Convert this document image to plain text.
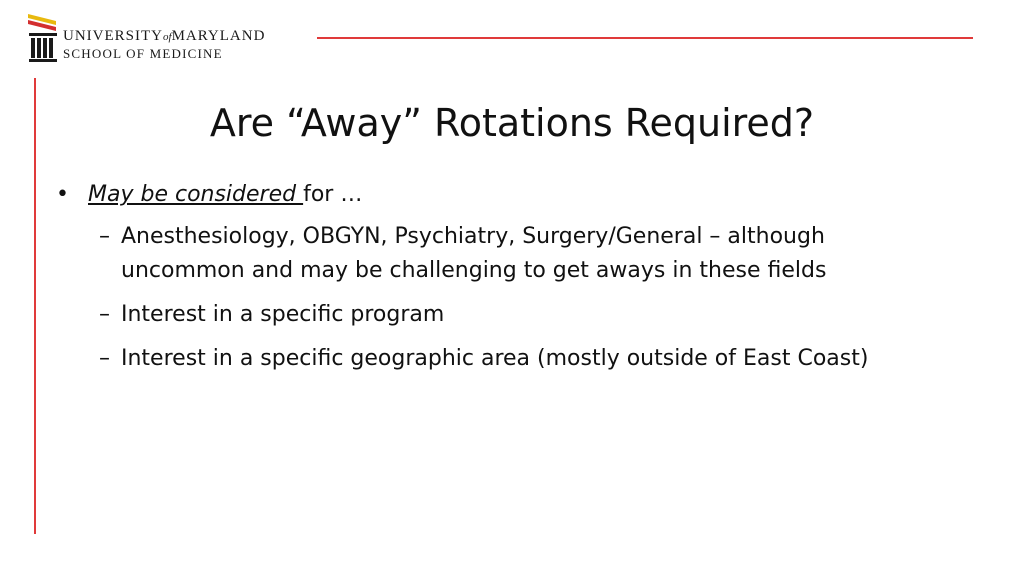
UNIVERSITYofMARYLAND
SCHOOL OF MEDICINE
Are “Away” Rotations Required?
• May be considered for …
– Anesthesiology, OBGYN, Psychiatry, Surgery/General – although uncommon and may be challenging to get aways in these fields
– Interest in a specific program
– Interest in a specific geographic area (mostly outside of East Coast)
